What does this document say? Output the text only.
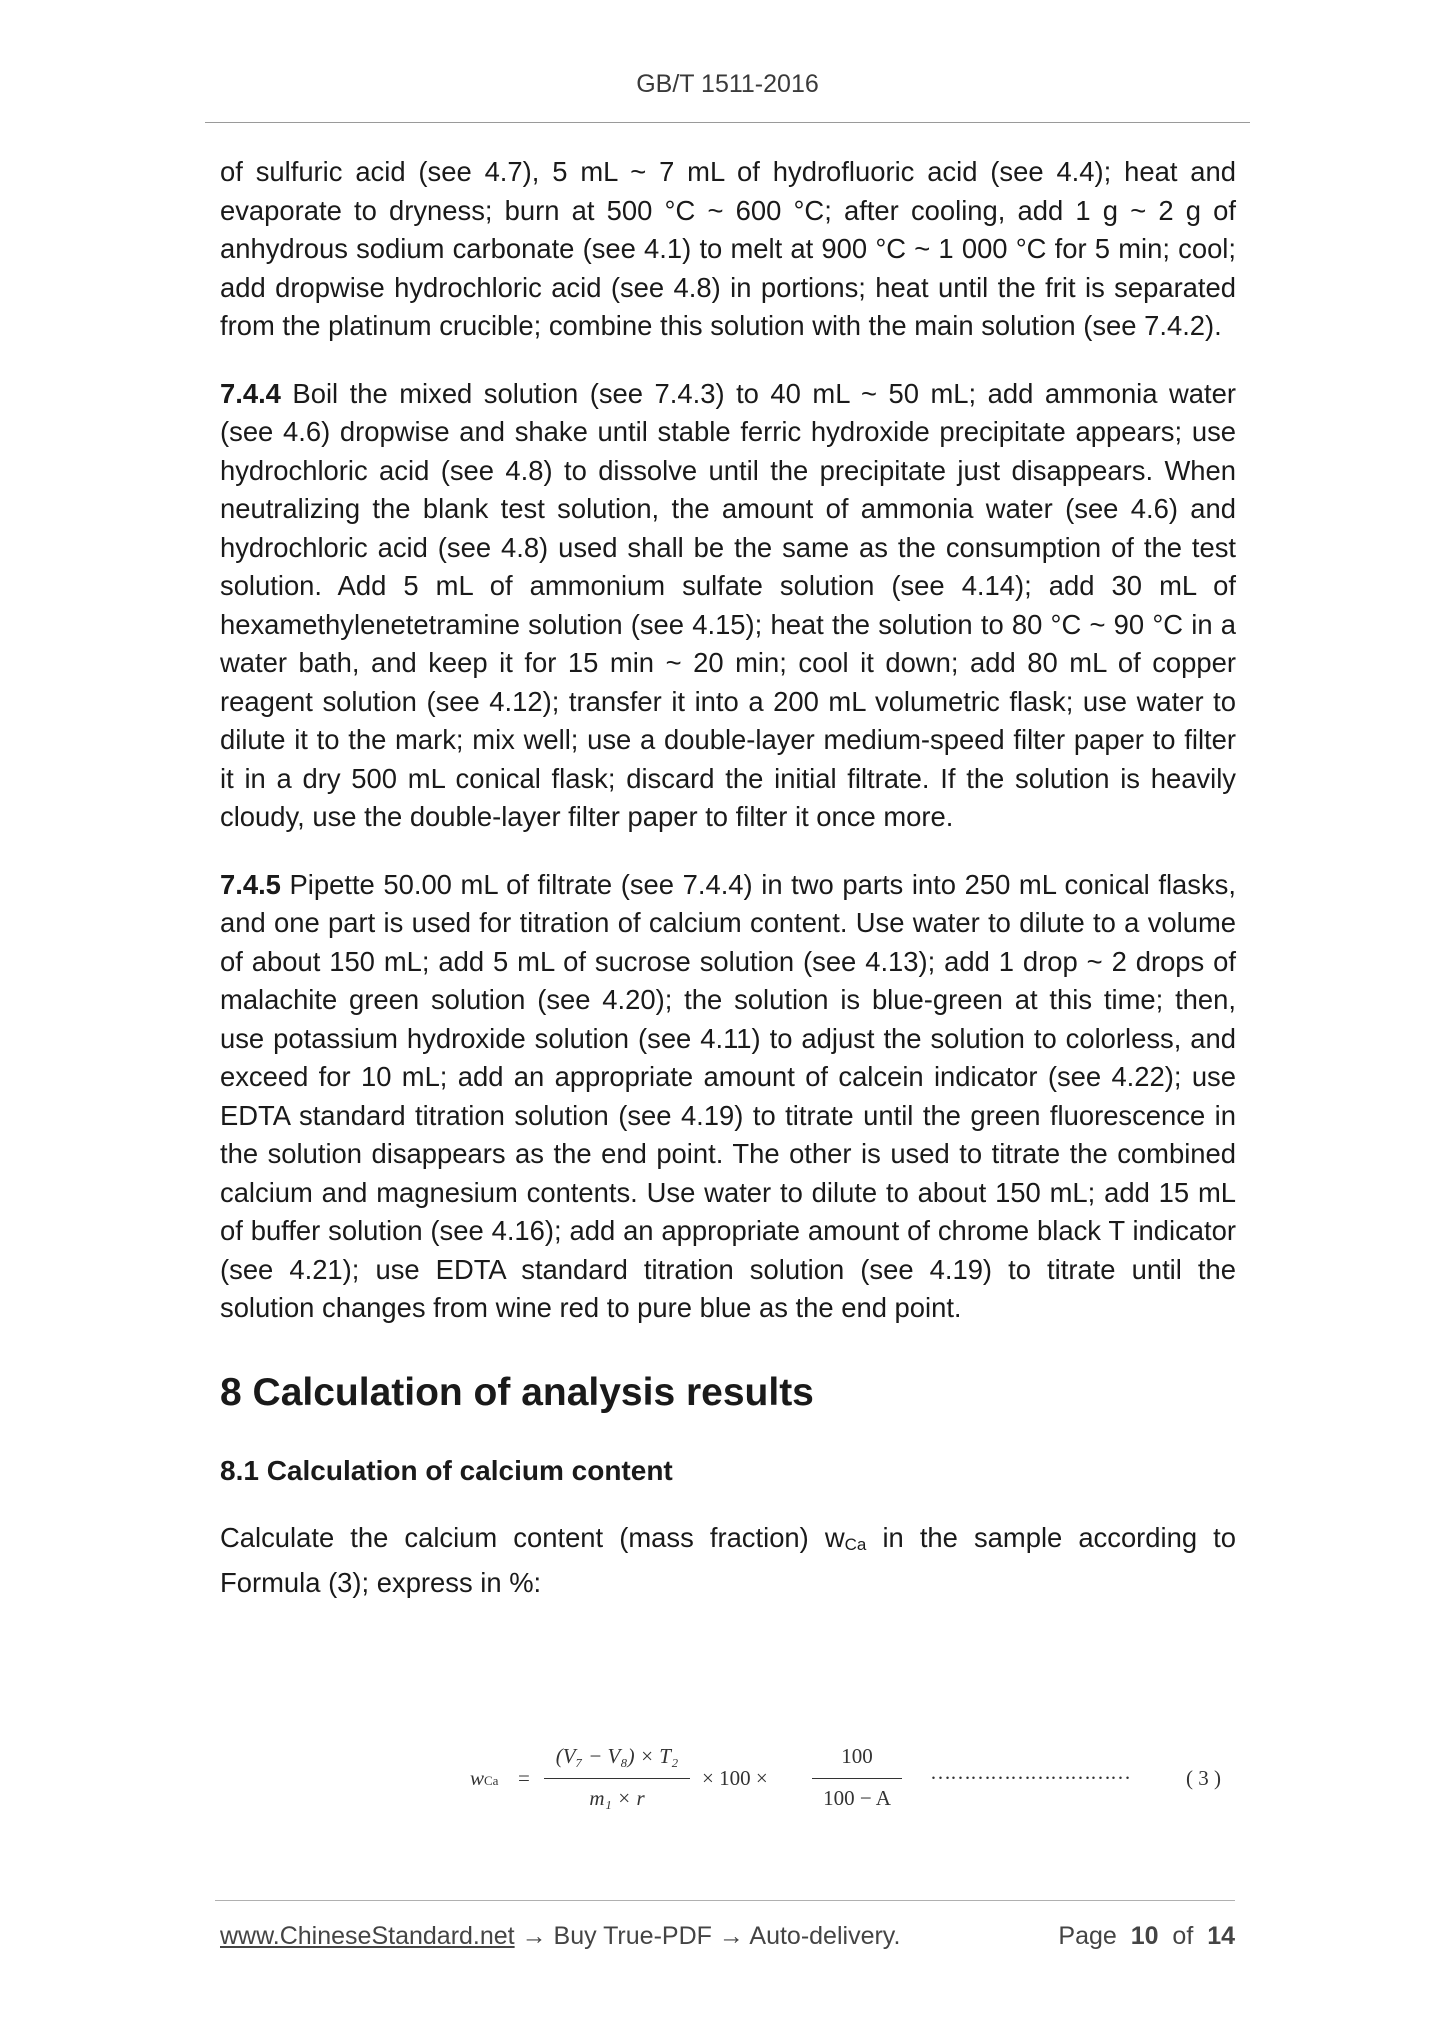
GB/T 1511-2016

of sulfuric acid (see 4.7), 5 mL ~ 7 mL of hydrofluoric acid (see 4.4); heat and evaporate to dryness; burn at 500 °C ~ 600 °C; after cooling, add 1 g ~ 2 g of anhydrous sodium carbonate (see 4.1) to melt at 900 °C ~ 1 000 °C for 5 min; cool; add dropwise hydrochloric acid (see 4.8) in portions; heat until the frit is separated from the platinum crucible; combine this solution with the main solution (see 7.4.2).

7.4.4 Boil the mixed solution (see 7.4.3) to 40 mL ~ 50 mL; add ammonia water (see 4.6) dropwise and shake until stable ferric hydroxide precipitate appears; use hydrochloric acid (see 4.8) to dissolve until the precipitate just disappears. When neutralizing the blank test solution, the amount of ammonia water (see 4.6) and hydrochloric acid (see 4.8) used shall be the same as the consumption of the test solution. Add 5 mL of ammonium sulfate solution (see 4.14); add 30 mL of hexamethylenetetramine solution (see 4.15); heat the solution to 80 °C ~ 90 °C in a water bath, and keep it for 15 min ~ 20 min; cool it down; add 80 mL of copper reagent solution (see 4.12); transfer it into a 200 mL volumetric flask; use water to dilute it to the mark; mix well; use a double-layer medium-speed filter paper to filter it in a dry 500 mL conical flask; discard the initial filtrate. If the solution is heavily cloudy, use the double-layer filter paper to filter it once more.

7.4.5 Pipette 50.00 mL of filtrate (see 7.4.4) in two parts into 250 mL conical flasks, and one part is used for titration of calcium content. Use water to dilute to a volume of about 150 mL; add 5 mL of sucrose solution (see 4.13); add 1 drop ~ 2 drops of malachite green solution (see 4.20); the solution is blue-green at this time; then, use potassium hydroxide solution (see 4.11) to adjust the solution to colorless, and exceed for 10 mL; add an appropriate amount of calcein indicator (see 4.22); use EDTA standard titration solution (see 4.19) to titrate until the green fluorescence in the solution disappears as the end point. The other is used to titrate the combined calcium and magnesium contents. Use water to dilute to about 150 mL; add 15 mL of buffer solution (see 4.16); add an appropriate amount of chrome black T indicator (see 4.21); use EDTA standard titration solution (see 4.19) to titrate until the solution changes from wine red to pure blue as the end point.

8 Calculation of analysis results
8.1 Calculation of calcium content

Calculate the calcium content (mass fraction) wCa in the sample according to Formula (3); express in %:

wCa =
(V₇ − V₈) × T₂
m₁ × r
× 100 ×
100
100 − A
…………………………	( 3 )
www.ChineseStandard.net → Buy True-PDF → Auto-delivery.	Page 10 of 14
